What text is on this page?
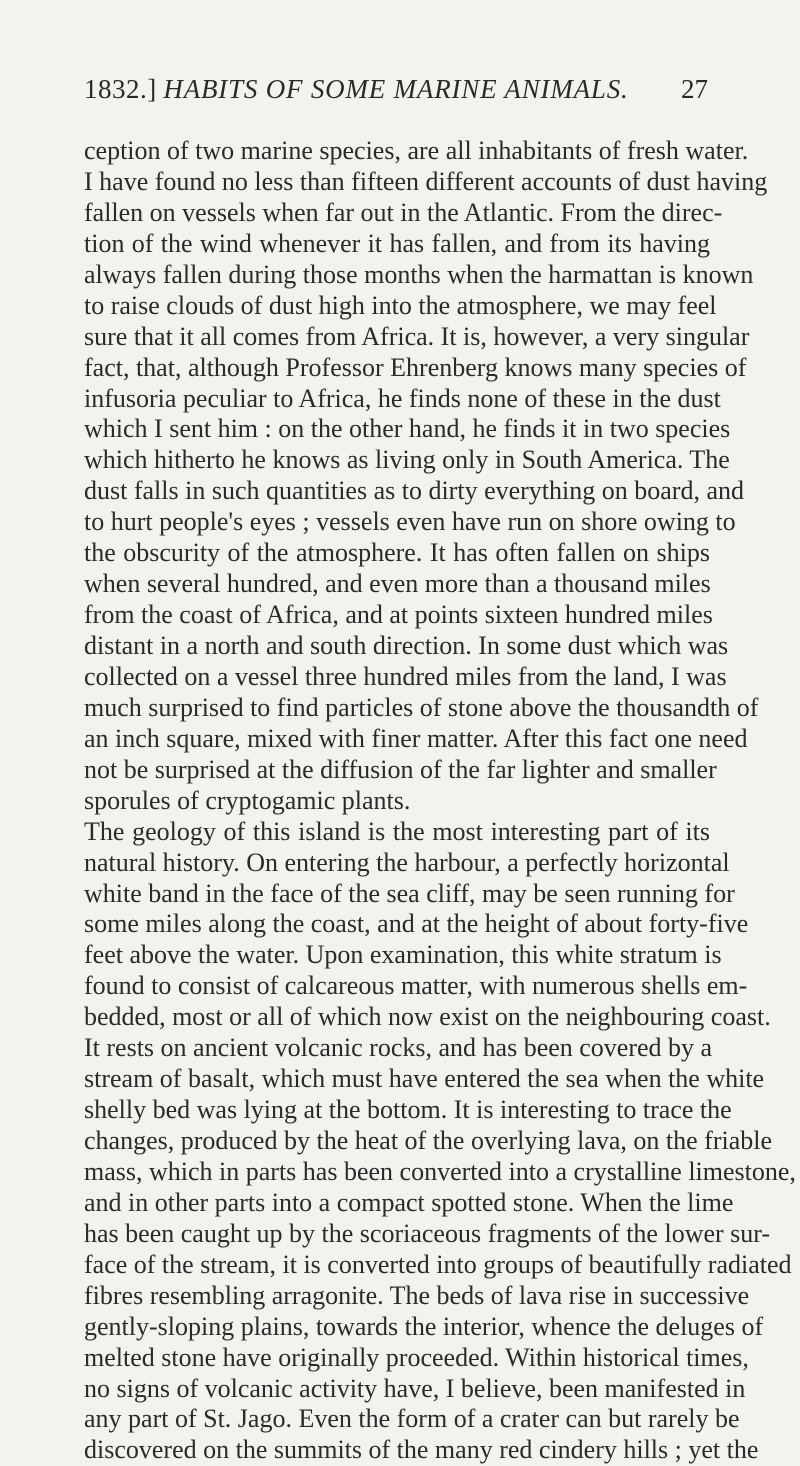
1832.] HABITS OF SOME MARINE ANIMALS.	27
ception of two marine species, are all inhabitants of fresh water.
I have found no less than fifteen different accounts of dust having
fallen on vessels when far out in the Atlantic. From the direc-
tion of the wind whenever it has fallen, and from its having
always fallen during those months when the harmattan is known
to raise clouds of dust high into the atmosphere, we may feel
sure that it all comes from Africa. It is, however, a very singular
fact, that, although Professor Ehrenberg knows many species of
infusoria peculiar to Africa, he finds none of these in the dust
which I sent him : on the other hand, he finds it in two species
which hitherto he knows as living only in South America. The
dust falls in such quantities as to dirty everything on board, and
to hurt people's eyes ; vessels even have run on shore owing to
the obscurity of the atmosphere. It has often fallen on ships
when several hundred, and even more than a thousand miles
from the coast of Africa, and at points sixteen hundred miles
distant in a north and south direction. In some dust which was
collected on a vessel three hundred miles from the land, I was
much surprised to find particles of stone above the thousandth of
an inch square, mixed with finer matter. After this fact one need
not be surprised at the diffusion of the far lighter and smaller
sporules of cryptogamic plants.
The geology of this island is the most interesting part of its
natural history. On entering the harbour, a perfectly horizontal
white band in the face of the sea cliff, may be seen running for
some miles along the coast, and at the height of about forty-five
feet above the water. Upon examination, this white stratum is
found to consist of calcareous matter, with numerous shells em-
bedded, most or all of which now exist on the neighbouring coast.
It rests on ancient volcanic rocks, and has been covered by a
stream of basalt, which must have entered the sea when the white
shelly bed was lying at the bottom. It is interesting to trace the
changes, produced by the heat of the overlying lava, on the friable
mass, which in parts has been converted into a crystalline limestone,
and in other parts into a compact spotted stone. When the lime
has been caught up by the scoriaceous fragments of the lower sur-
face of the stream, it is converted into groups of beautifully radiated
fibres resembling arragonite. The beds of lava rise in successive
gently-sloping plains, towards the interior, whence the deluges of
melted stone have originally proceeded. Within historical times,
no signs of volcanic activity have, I believe, been manifested in
any part of St. Jago. Even the form of a crater can but rarely be
discovered on the summits of the many red cindery hills ; yet the
